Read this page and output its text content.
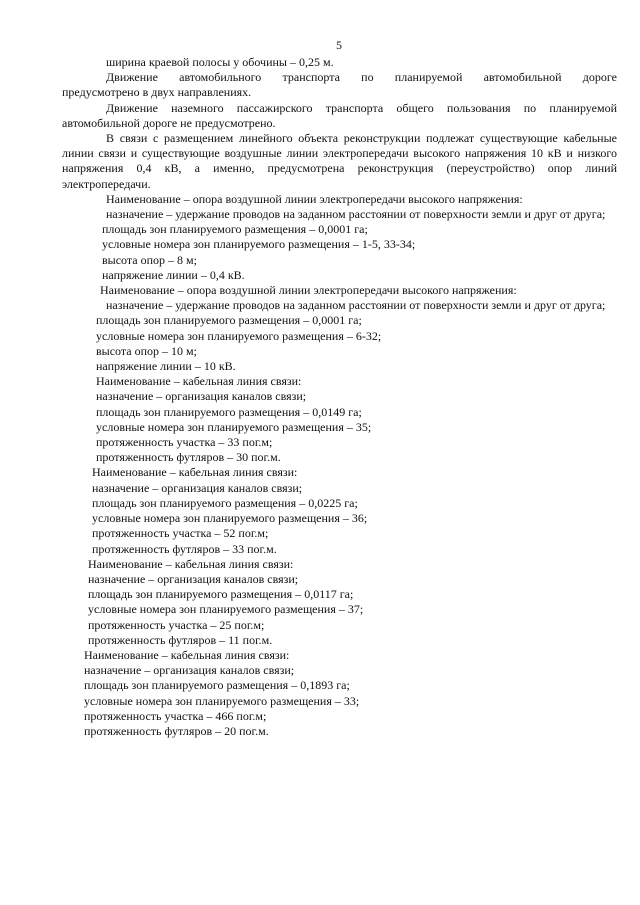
5

ширина краевой полосы у обочины – 0,25 м.

Движение автомобильного транспорта по планируемой автомобильной дороге

предусмотрено в двух направлениях.

Движение наземного пассажирского транспорта общего пользования по планируемой автомобильной дороге не предусмотрено.

В связи с размещением линейного объекта реконструкции подлежат существующие кабельные линии связи и существующие воздушные линии электропередачи высокого напряжения 10 кВ и низкого напряжения 0,4 кВ, а именно, предусмотрена реконструкция (переустройство) опор линий электропередачи.

Наименование – опора воздушной линии электропередачи высокого напряжения:

назначение – удержание проводов на заданном расстоянии от поверхности земли и друг от друга;

площадь зон планируемого размещения – 0,0001 га;

условные номера зон планируемого размещения – 1-5, 33-34;

высота опор – 8 м;

напряжение линии – 0,4 кВ.

Наименование – опора воздушной линии электропередачи высокого напряжения:

назначение – удержание проводов на заданном расстоянии от поверхности земли и друг от друга;

площадь зон планируемого размещения – 0,0001 га;

условные номера зон планируемого размещения – 6-32;

высота опор – 10 м;

напряжение линии – 10 кВ.

Наименование – кабельная линия связи:

назначение – организация каналов связи;

площадь зон планируемого размещения – 0,0149 га;

условные номера зон планируемого размещения – 35;

протяженность участка – 33 пог.м;

протяженность футляров – 30 пог.м.

Наименование – кабельная линия связи:

назначение – организация каналов связи;

площадь зон планируемого размещения – 0,0225 га;

условные номера зон планируемого размещения – 36;

протяженность участка – 52 пог.м;

протяженность футляров – 33 пог.м.

Наименование – кабельная линия связи:

назначение – организация каналов связи;

площадь зон планируемого размещения – 0,0117 га;

условные номера зон планируемого размещения – 37;

протяженность участка – 25 пог.м;

протяженность футляров – 11 пог.м.

Наименование – кабельная линия связи:

назначение – организация каналов связи;

площадь зон планируемого размещения – 0,1893 га;

условные номера зон планируемого размещения – 33;

протяженность участка – 466 пог.м;

протяженность футляров – 20 пог.м.
